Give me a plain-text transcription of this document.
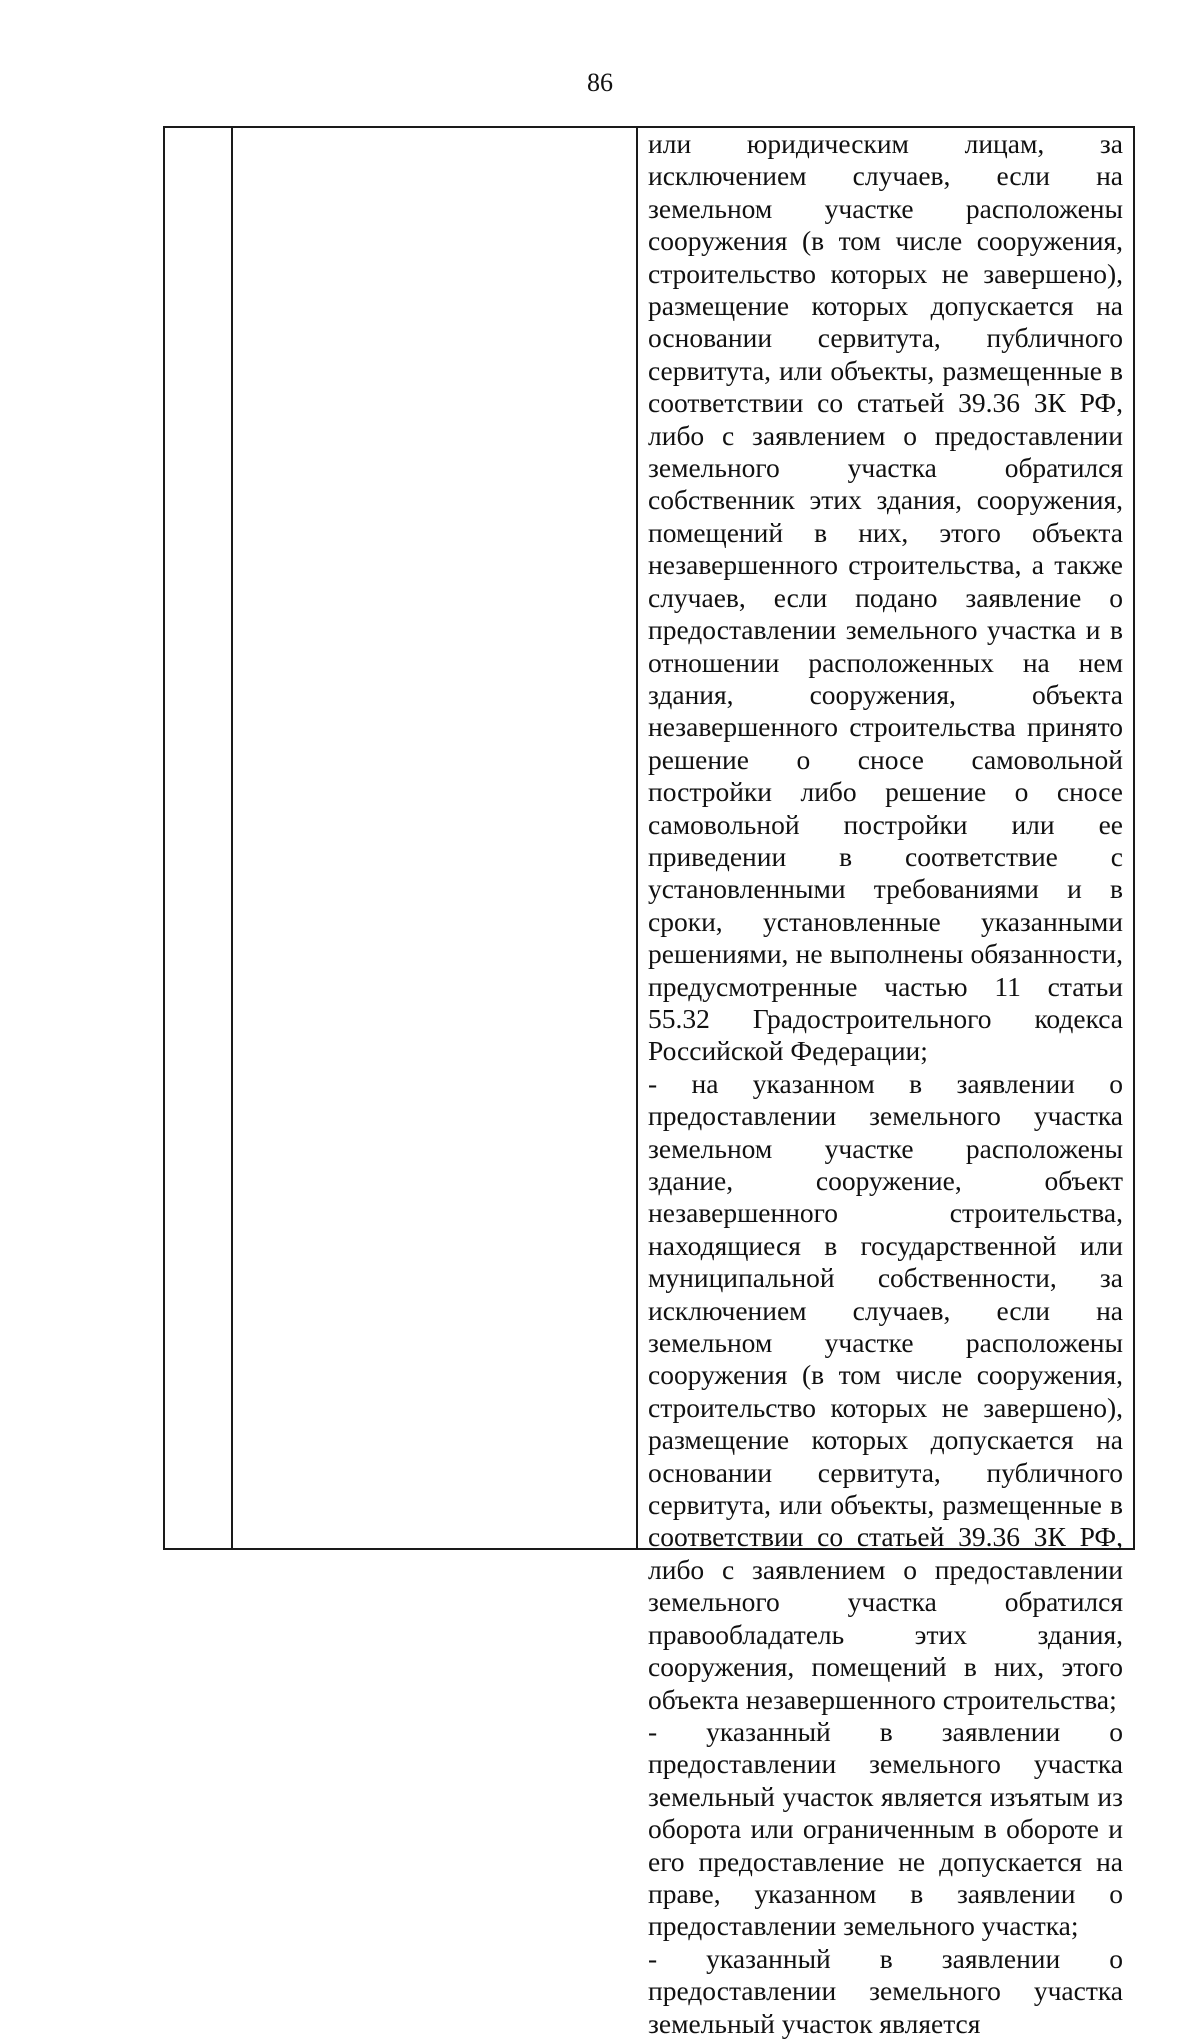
86

или юридическим лицам, за исключением случаев, если на земельном участке расположены сооружения (в том числе сооружения, строительство которых не завершено), размещение которых допускается на основании сервитута, публичного сервитута, или объекты, размещенные в соответствии со статьей 39.36 ЗК РФ, либо с заявлением о предоставлении земельного участка обратился собственник этих здания, сооружения, помещений в них, этого объекта незавершенного строительства, а также случаев, если подано заявление о предоставлении земельного участка и в отношении расположенных на нем здания, сооружения, объекта незавершенного строительства принято решение о сносе самовольной постройки либо решение о сносе самовольной постройки или ее приведении в соответствие с установленными требованиями и в сроки, установленные указанными решениями, не выполнены обязанности, предусмотренные частью 11 статьи 55.32 Градостроительного кодекса Российской Федерации;

- на указанном в заявлении о предоставлении земельного участка земельном участке расположены здание, сооружение, объект незавершенного строительства, находящиеся в государственной или муниципальной собственности, за исключением случаев, если на земельном участке расположены сооружения (в том числе сооружения, строительство которых не завершено), размещение которых допускается на основании сервитута, публичного сервитута, или объекты, размещенные в соответствии со статьей 39.36 ЗК РФ, либо с заявлением о предоставлении земельного участка обратился правообладатель этих здания, сооружения, помещений в них, этого объекта незавершенного строительства;

- указанный в заявлении о предоставлении земельного участка земельный участок является изъятым из оборота или ограниченным в обороте и его предоставление не допускается на праве, указанном в заявлении о предоставлении земельного участка;

- указанный в заявлении о предоставлении земельного участка земельный участок является
